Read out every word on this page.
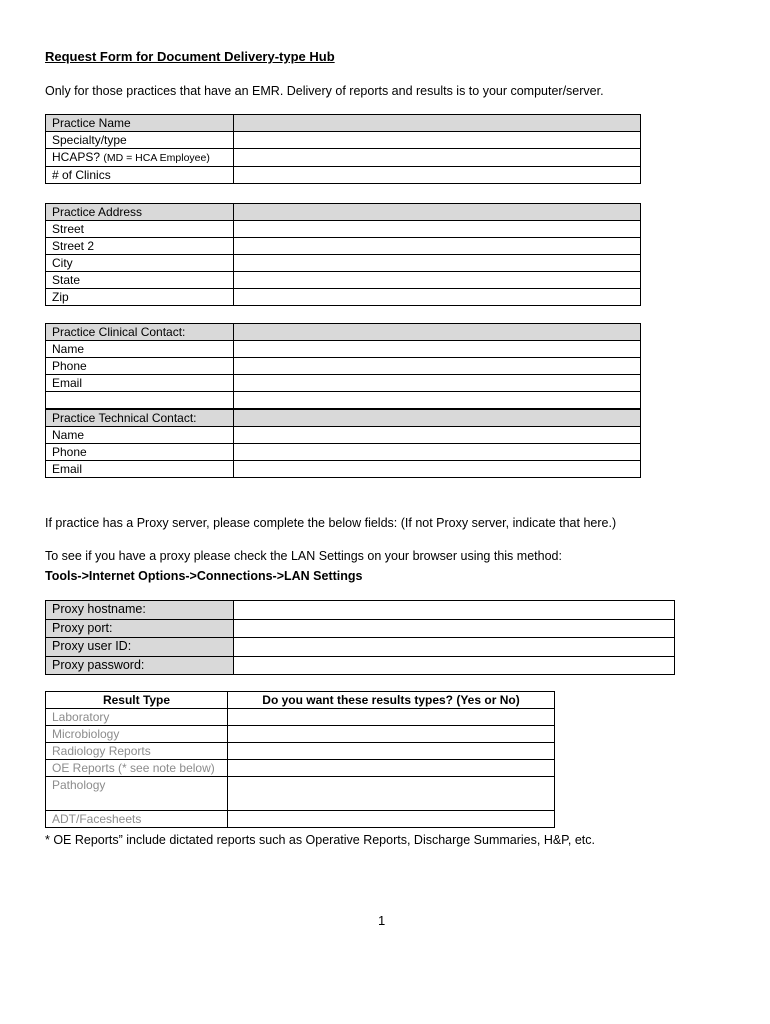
Request Form for Document Delivery-type Hub
Only for those practices that have an EMR. Delivery of reports and results is to your computer/server.
Practice Name	
Specialty/type	
HCAPS? (MD = HCA Employee)	
# of Clinics	
Practice Address	
Street	
Street 2	
City	
State	
Zip	
Practice Clinical Contact:	
Name	
Phone	
Email	

Practice Technical Contact:	
Name	
Phone	
Email	
If practice has a Proxy server, please complete the below fields: (If not Proxy server, indicate that here.)
To see if you have a proxy please check the LAN Settings on your browser using this method:
Tools->Internet Options->Connections->LAN Settings
Proxy hostname:	
Proxy port:	
Proxy user ID:	
Proxy password:	
Result Type	Do you want these results types? (Yes or No)
Laboratory	
Microbiology	
Radiology Reports	
OE Reports (* see note below)	
Pathology	
ADT/Facesheets	
* OE Reports” include dictated reports such as Operative Reports, Discharge Summaries, H&P, etc.
1
